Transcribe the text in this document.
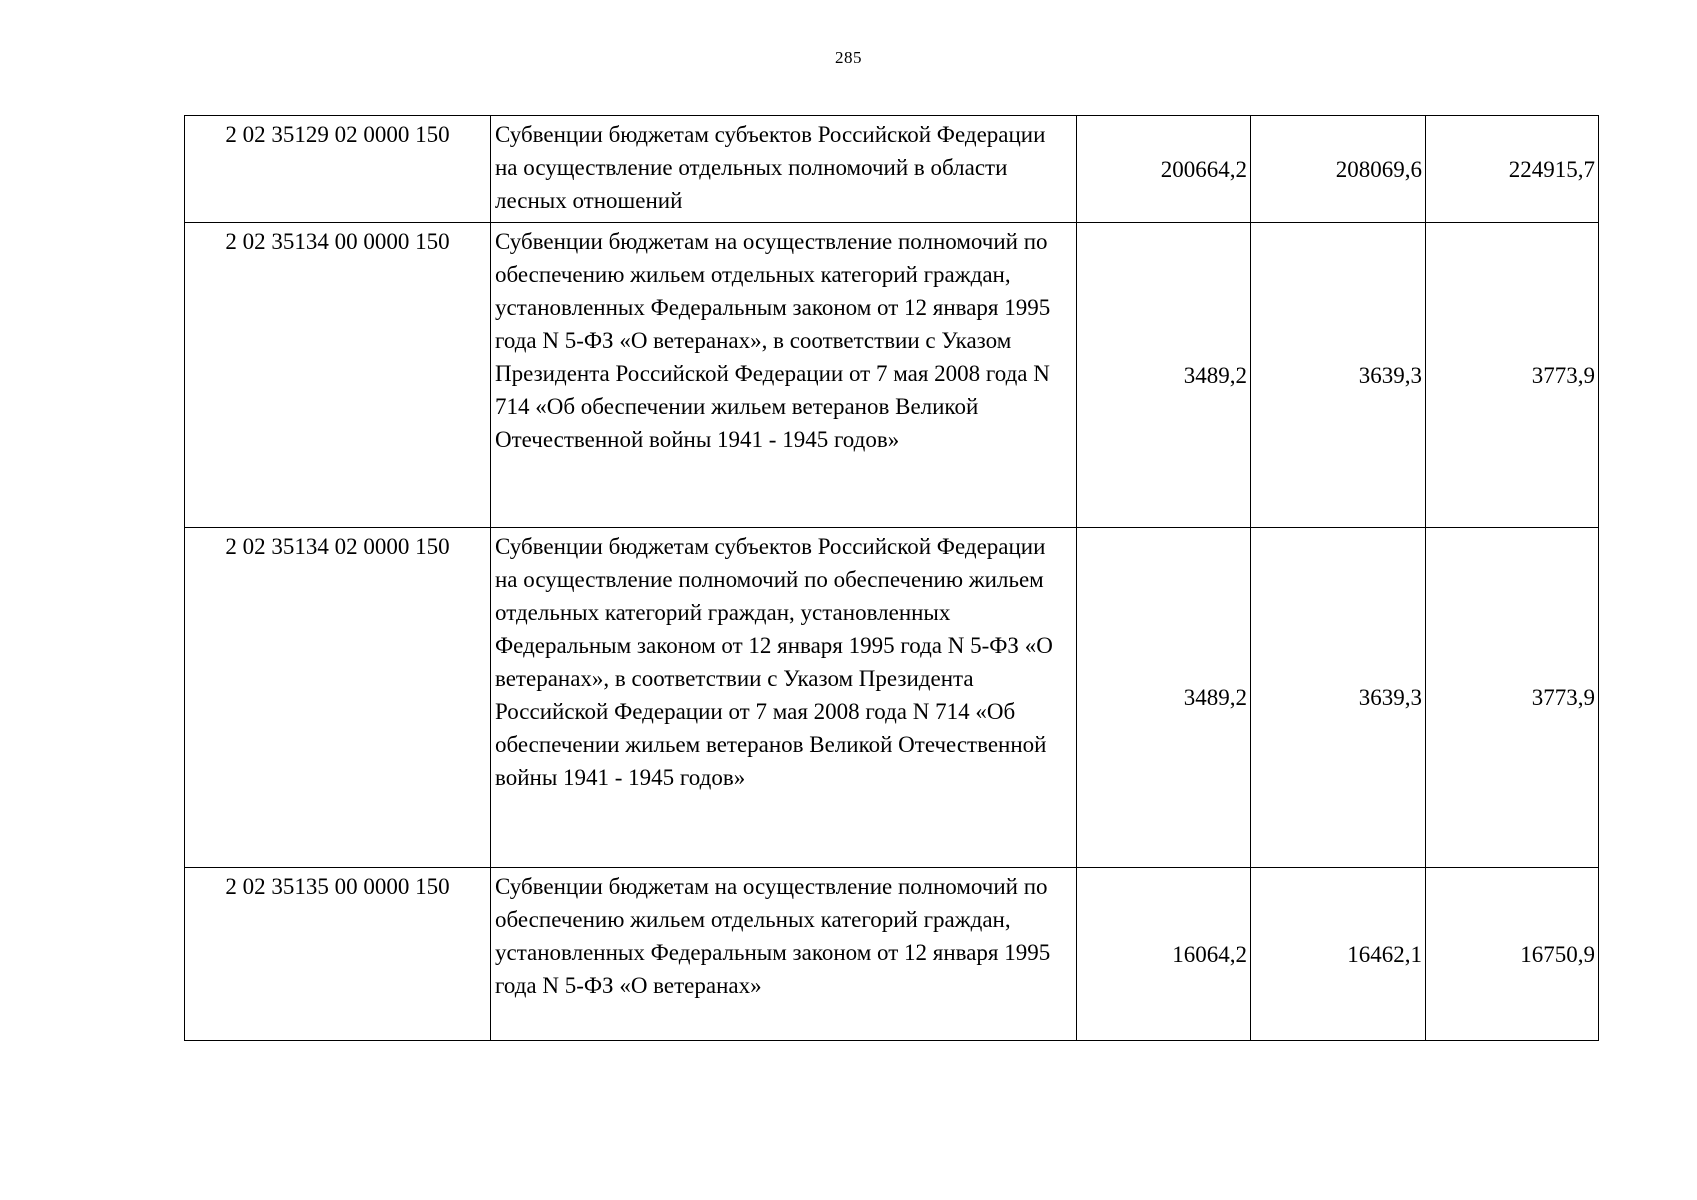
285
2 02 35129 02 0000 150	Субвенции бюджетам субъектов Российской Федерации на осуществление отдельных полномочий в области лесных отношений	200664,2	208069,6	224915,7
2 02 35134 00 0000 150	Субвенции бюджетам на осуществление полномочий по обеспечению жильем отдельных категорий граждан, установленных Федеральным законом от 12 января 1995 года N 5-ФЗ «О ветеранах», в соответствии с Указом Президента Российской Федерации от 7 мая 2008 года N 714 «Об обеспечении жильем ветеранов Великой Отечественной войны 1941 - 1945 годов»	3489,2	3639,3	3773,9
2 02 35134 02 0000 150	Субвенции бюджетам субъектов Российской Федерации на осуществление полномочий по обеспечению жильем отдельных категорий граждан, установленных Федеральным законом от 12 января 1995 года N 5-ФЗ «О ветеранах», в соответствии с Указом Президента Российской Федерации от 7 мая 2008 года N 714 «Об обеспечении жильем ветеранов Великой Отечественной войны 1941 - 1945 годов»	3489,2	3639,3	3773,9
2 02 35135 00 0000 150	Субвенции бюджетам на осуществление полномочий по обеспечению жильем отдельных категорий граждан, установленных Федеральным законом от 12 января 1995 года N 5-ФЗ «О ветеранах»	16064,2	16462,1	16750,9
